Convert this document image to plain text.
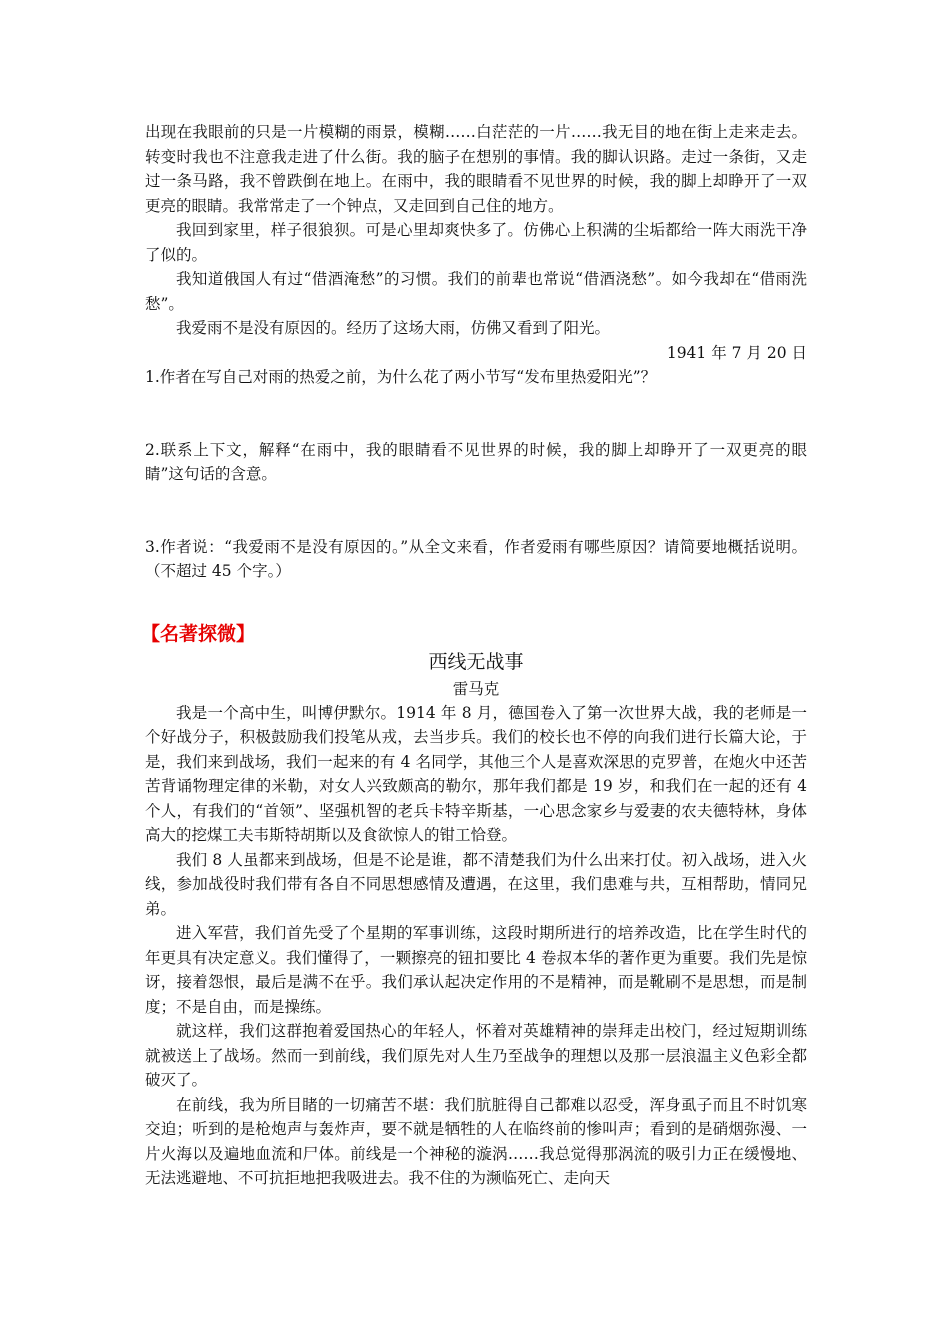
出现在我眼前的只是一片模糊的雨景，模糊……白茫茫的一片……我无目的地在街上走来走去。转变时我也不注意我走进了什么街。我的脑子在想别的事情。我的脚认识路。走过一条街，又走过一条马路，我不曾跌倒在地上。在雨中，我的眼睛看不见世界的时候，我的脚上却睁开了一双更亮的眼睛。我常常走了一个钟点，又走回到自己住的地方。

我回到家里，样子很狼狈。可是心里却爽快多了。仿佛心上积满的尘垢都给一阵大雨洗干净了似的。

我知道俄国人有过“借酒淹愁”的习惯。我们的前辈也常说“借酒浇愁”。如今我却在“借雨洗愁”。

我爱雨不是没有原因的。经历了这场大雨，仿佛又看到了阳光。

1941 年 7 月 20 日

1.作者在写自己对雨的热爱之前，为什么花了两小节写“发布里热爱阳光”？

2.联系上下文，解释“在雨中，我的眼睛看不见世界的时候，我的脚上却睁开了一双更亮的眼睛”这句话的含意。

3.作者说：“我爱雨不是没有原因的。”从全文来看，作者爱雨有哪些原因？请简要地概括说明。（不超过 45 个字。）

【名著探微】

西线无战事

雷马克

我是一个高中生，叫博伊默尔。1914 年 8 月，德国卷入了第一次世界大战，我的老师是一个好战分子，积极鼓励我们投笔从戎，去当步兵。我们的校长也不停的向我们进行长篇大论，于是，我们来到战场，我们一起来的有 4 名同学，其他三个人是喜欢深思的克罗普，在炮火中还苦苦背诵物理定律的米勒，对女人兴致颇高的勒尔，那年我们都是 19 岁，和我们在一起的还有 4 个人，有我们的“首领”、坚强机智的老兵卡特辛斯基，一心思念家乡与爱妻的农夫德特林，身体高大的挖煤工夫韦斯特胡斯以及食欲惊人的钳工恰登。

我们 8 人虽都来到战场，但是不论是谁，都不清楚我们为什么出来打仗。初入战场，进入火线，参加战役时我们带有各自不同思想感情及遭遇，在这里，我们患难与共，互相帮助，情同兄弟。

进入军营，我们首先受了个星期的军事训练，这段时期所进行的培养改造，比在学生时代的年更具有决定意义。我们懂得了，一颗擦亮的钮扣要比 4 卷叔本华的著作更为重要。我们先是惊讶，接着怨恨，最后是满不在乎。我们承认起决定作用的不是精神，而是靴刷不是思想，而是制度；不是自由，而是操练。

就这样，我们这群抱着爱国热心的年轻人，怀着对英雄精神的崇拜走出校门，经过短期训练就被送上了战场。然而一到前线，我们原先对人生乃至战争的理想以及那一层浪温主义色彩全都破灭了。

在前线，我为所目睹的一切痛苦不堪：我们肮脏得自己都难以忍受，浑身虱子而且不时饥寒交迫；听到的是枪炮声与轰炸声，要不就是牺牲的人在临终前的惨叫声；看到的是硝烟弥漫、一片火海以及遍地血流和尸体。前线是一个神秘的漩涡……我总觉得那涡流的吸引力正在缓慢地、无法逃避地、不可抗拒地把我吸进去。我不住的为濒临死亡、走向天
